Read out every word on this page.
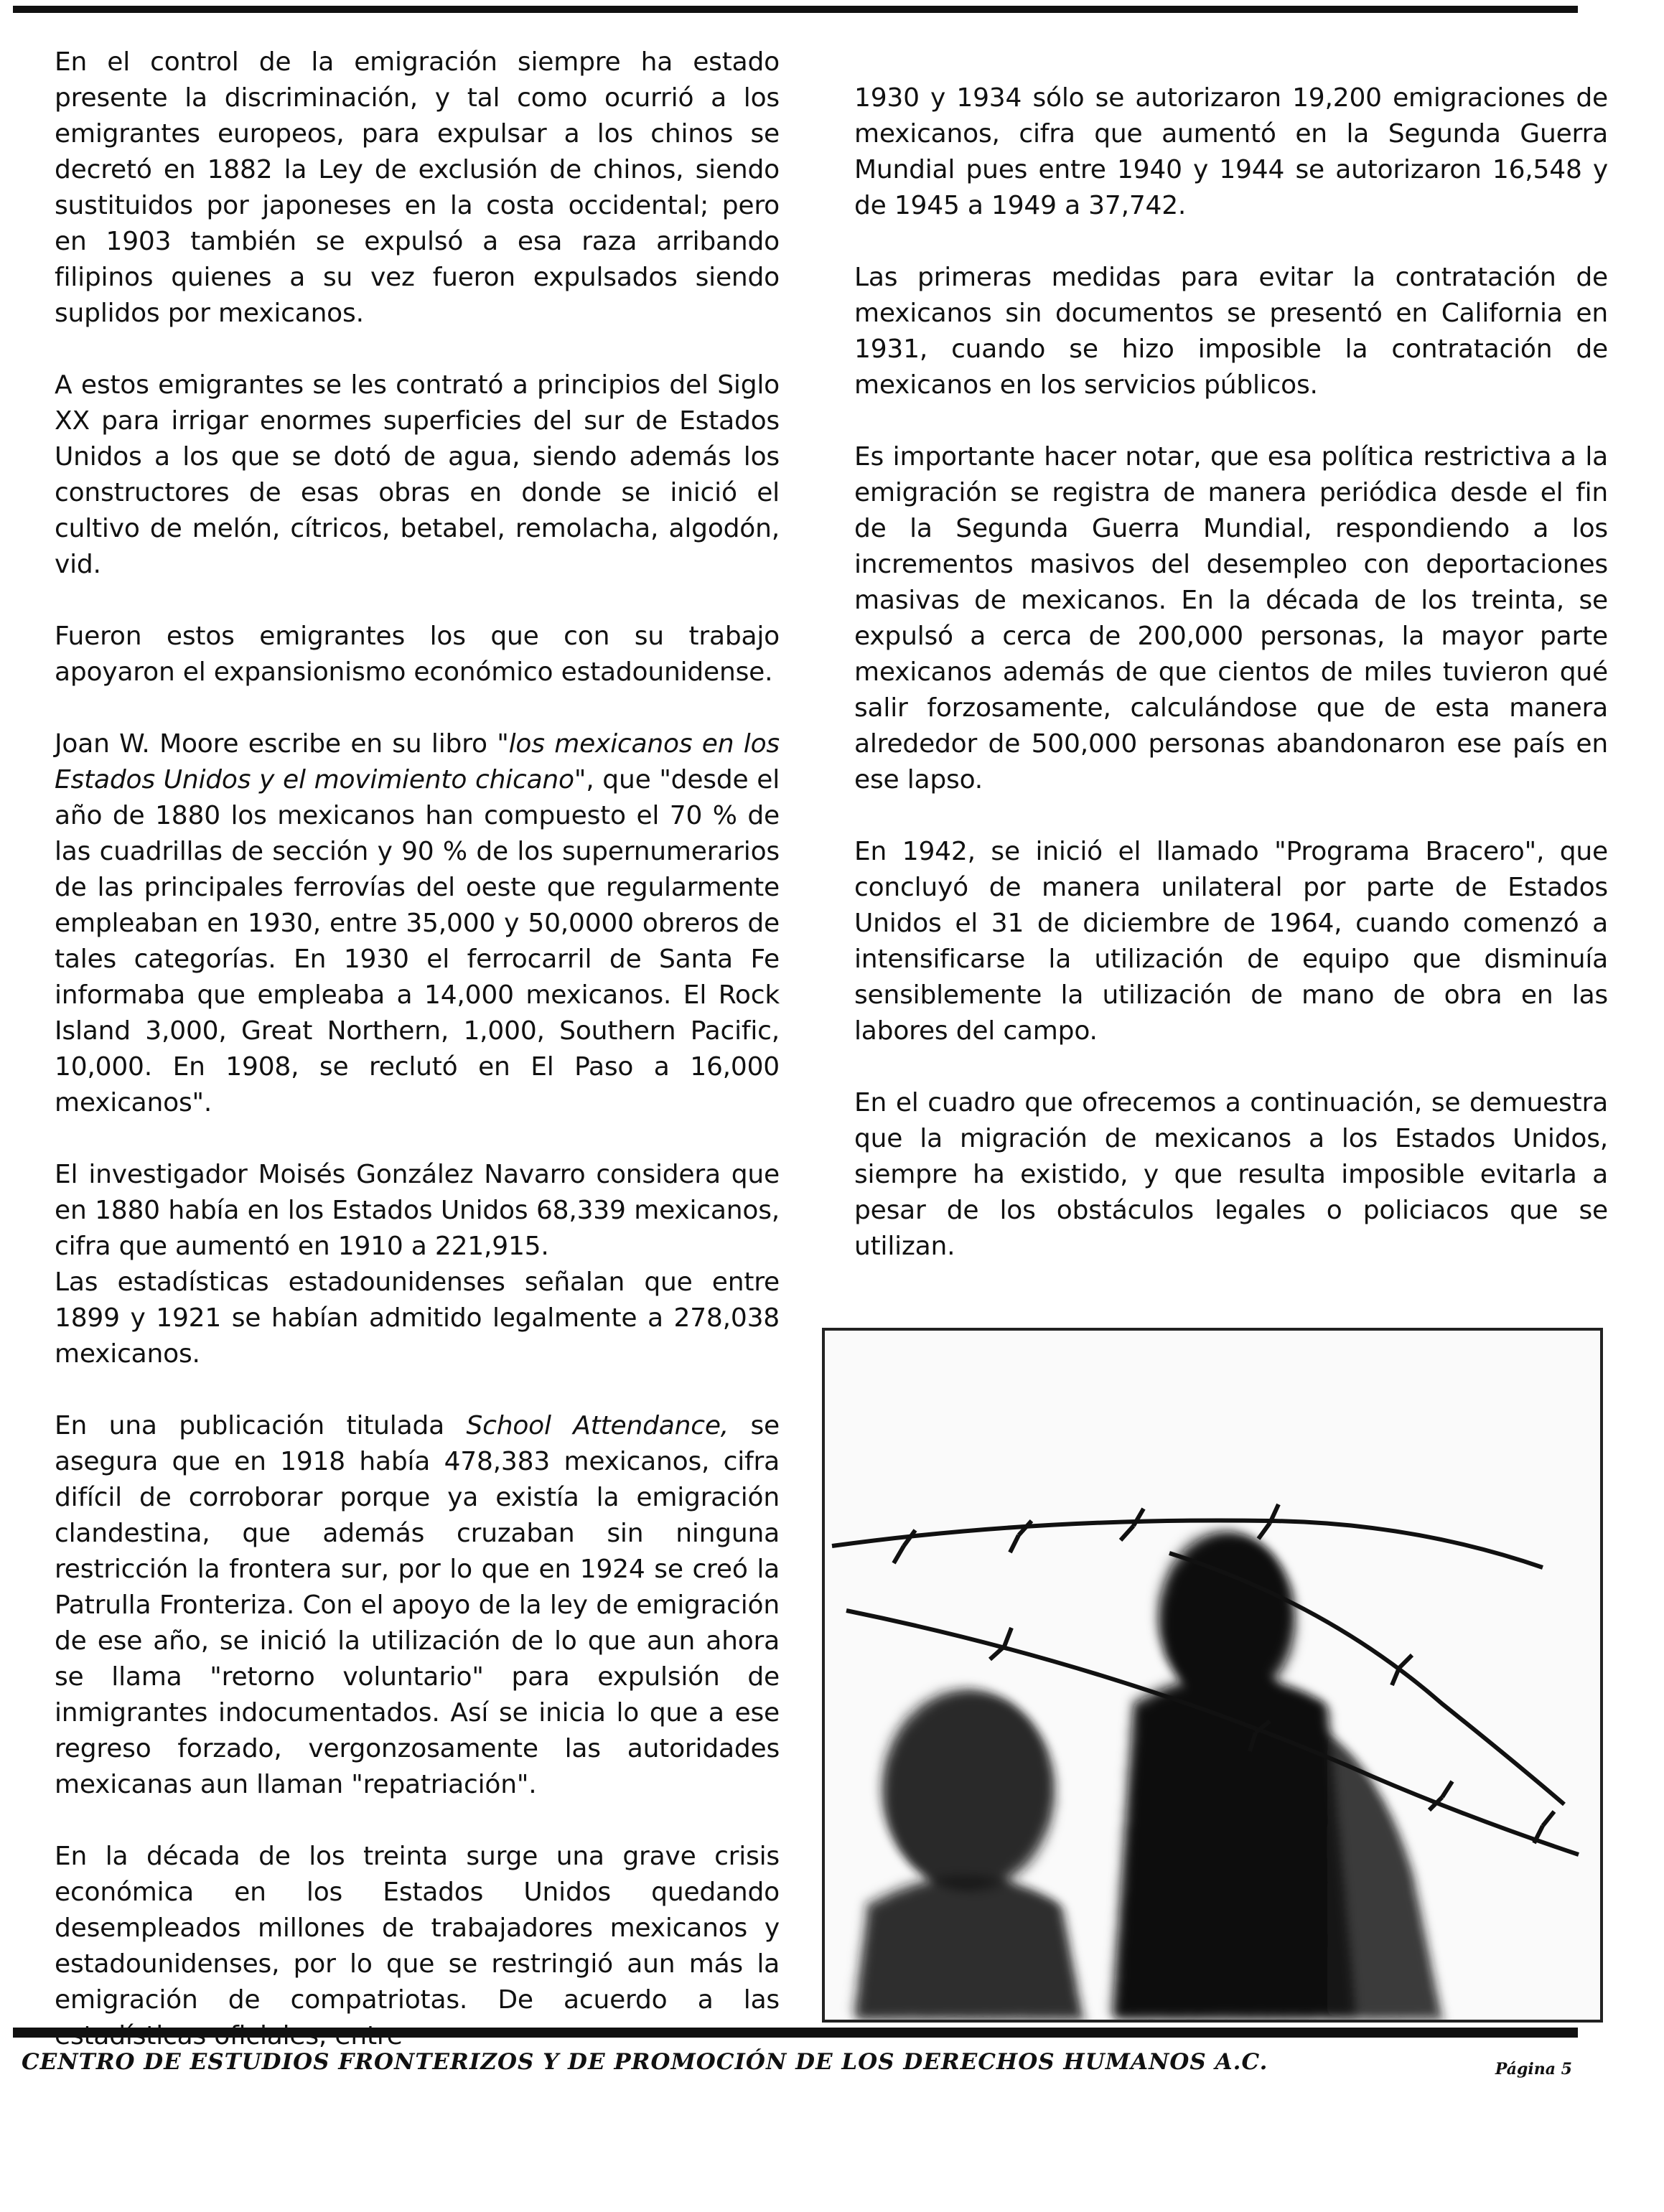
En el control de la emigración siempre ha estado presente la discriminación, y tal como ocurrió a los emigrantes europeos, para expulsar a los chinos se decretó en 1882 la Ley de exclusión de chinos, siendo sustituidos por japoneses en la costa occidental; pero en 1903 también se expulsó a esa raza arribando filipinos quienes a su vez fueron expulsados siendo suplidos por mexicanos.

A estos emigrantes se les contrató a principios del Siglo XX para irrigar enormes superficies del sur de Estados Unidos a los que se dotó de agua, siendo además los constructores de esas obras en donde se inició el cultivo de melón, cítricos, betabel, remolacha, algodón, vid.

Fueron estos emigrantes los que con su trabajo apoyaron el expansionismo económico estadounidense.

Joan W. Moore escribe en su libro "los mexicanos en los Estados Unidos y el movimiento chicano", que "desde el año de 1880 los mexicanos han compuesto el 70 % de las cuadrillas de sección y 90 % de los supernumerarios de las principales ferrovías del oeste que regularmente empleaban en 1930, entre 35,000 y 50,0000 obreros de tales categorías. En 1930 el ferrocarril de Santa Fe informaba que empleaba a 14,000 mexicanos. El Rock Island 3,000, Great Northern, 1,000, Southern Pacific, 10,000. En 1908, se reclutó en El Paso a 16,000 mexicanos".

El investigador Moisés González Navarro considera que en 1880 había en los Estados Unidos 68,339 mexicanos, cifra que aumentó en 1910 a 221,915.

Las estadísticas estadounidenses señalan que entre 1899 y 1921 se habían admitido legalmente a 278,038 mexicanos.

En una publicación titulada School Attendance, se asegura que en 1918 había 478,383 mexicanos, cifra difícil de corroborar porque ya existía la emigración clandestina, que además cruzaban sin ninguna restricción la frontera sur, por lo que en 1924 se creó la Patrulla Fronteriza. Con el apoyo de la ley de emigración de ese año, se inició la utilización de lo que aun ahora se llama "retorno voluntario" para expulsión de inmigrantes indocumentados. Así se inicia lo que a ese regreso forzado, vergonzosamente las autoridades mexicanas aun llaman "repatriación".

En la década de los treinta surge una grave crisis económica en los Estados Unidos quedando desempleados millones de trabajadores mexicanos y estadounidenses, por lo que se restringió aun más la emigración de compatriotas. De acuerdo a las

1930 y 1934 sólo se autorizaron 19,200 emigraciones de mexicanos, cifra que aumentó en la Segunda Guerra Mundial pues entre 1940 y 1944 se autorizaron 16,548 y de 1945 a 1949 a 37,742.

Las primeras medidas para evitar la contratación de mexicanos sin documentos se presentó en California en 1931, cuando se hizo imposible la contratación de mexicanos en los servicios públicos.

Es importante hacer notar, que esa política restrictiva a la emigración se registra de manera periódica desde el fin de la Segunda Guerra Mundial, respondiendo a los incrementos masivos del desempleo con deportaciones masivas de mexicanos. En la década de los treinta, se expulsó a cerca de 200,000 personas, la mayor parte mexicanos además de que cientos de miles tuvieron qué salir forzosamente, calculándose que de esta manera alrededor de 500,000 personas abandonaron ese país en ese lapso.

En 1942, se inició el llamado "Programa Bracero", que concluyó de manera unilateral por parte de Estados Unidos el 31 de diciembre de 1964, cuando comenzó a intensificarse la utilización de equipo que disminuía sensiblemente la utilización de mano de obra en las labores del campo.

En el cuadro que ofrecemos a continuación, se demuestra que la migración de mexicanos a los Estados Unidos, siempre ha existido, y que resulta imposible evitarla a pesar de los obstáculos legales o policiacos que se utilizan.

CENTRO DE ESTUDIOS FRONTERIZOS Y DE PROMOCIÓN DE LOS DERECHOS HUMANOS A.C.	Página 5
